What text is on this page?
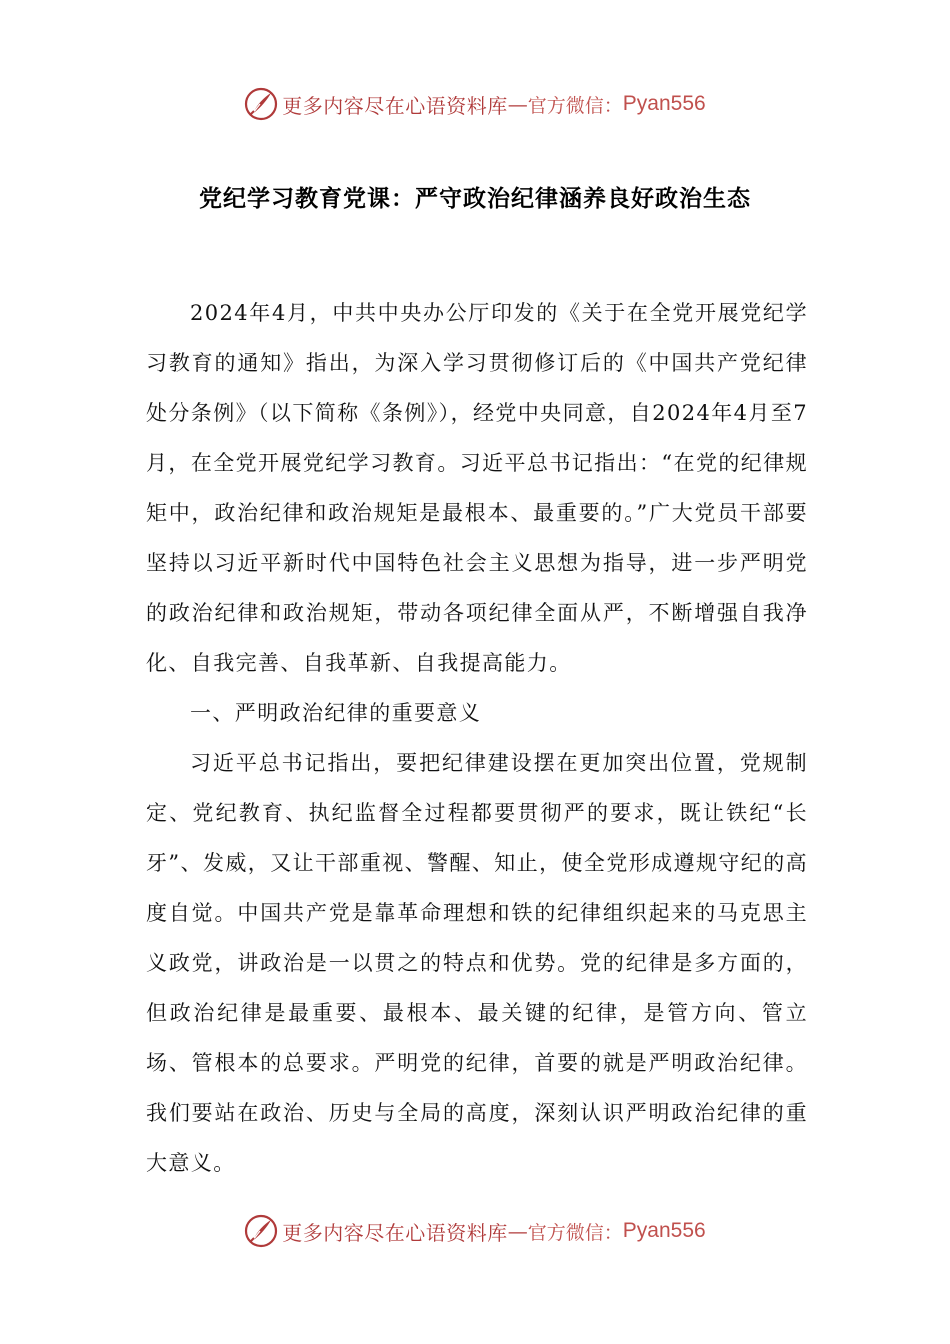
更多内容尽在心语资料库 — 官方微信： Pyan556
党纪学习教育党课：严守政治纪律涵养良好政治生态

2024年4月，中共中央办公厅印发的《关于在全党开展党纪学习教育的通知》指出，为深入学习贯彻修订后的《中国共产党纪律处分条例》（以下简称《条例》），经党中央同意，自2024年4月至7月，在全党开展党纪学习教育。习近平总书记指出：“在党的纪律规矩中，政治纪律和政治规矩是最根本、最重要的。”广大党员干部要坚持以习近平新时代中国特色社会主义思想为指导，进一步严明党的政治纪律和政治规矩，带动各项纪律全面从严，不断增强自我净化、自我完善、自我革新、自我提高能力。

一、严明政治纪律的重要意义

习近平总书记指出，要把纪律建设摆在更加突出位置，党规制定、党纪教育、执纪监督全过程都要贯彻严的要求，既让铁纪“长牙”、发威，又让干部重视、警醒、知止，使全党形成遵规守纪的高度自觉。中国共产党是靠革命理想和铁的纪律组织起来的马克思主义政党，讲政治是一以贯之的特点和优势。党的纪律是多方面的，但政治纪律是最重要、最根本、最关键的纪律，是管方向、管立场、管根本的总要求。严明党的纪律，首要的就是严明政治纪律。我们要站在政治、历史与全局的高度，深刻认识严明政治纪律的重大意义。

更多内容尽在心语资料库 — 官方微信： Pyan556
